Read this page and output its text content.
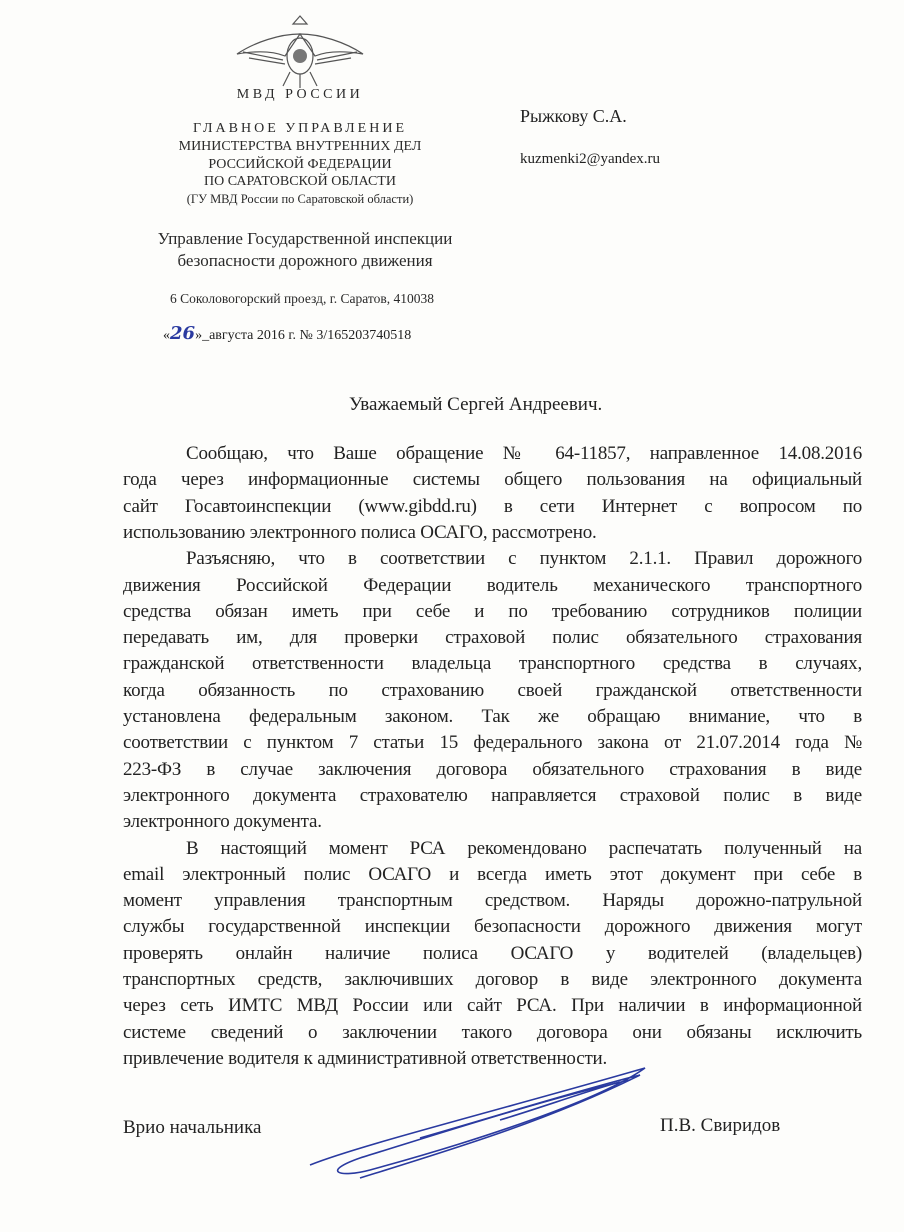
МВД РОССИИ
ГЛАВНОЕ УПРАВЛЕНИЕ
МИНИСТЕРСТВА ВНУТРЕННИХ ДЕЛ
РОССИЙСКОЙ ФЕДЕРАЦИИ
ПО САРАТОВСКОЙ ОБЛАСТИ
(ГУ МВД России по Саратовской области)
Управление Государственной инспекции
безопасности дорожного движения
6 Соколовогорский проезд, г. Саратов, 410038
«26»_августа 2016 г. № 3/165203740518
Рыжкову С.А.
kuzmenki2@yandex.ru
Уважаемый Сергей Андреевич.
Сообщаю, что Ваше обращение № 64-11857, направленное 14.08.2016
года через информационные системы общего пользования на официальный
сайт Госавтоинспекции (www.gibdd.ru) в сети Интернет с вопросом по
использованию электронного полиса ОСАГО, рассмотрено.
Разъясняю, что в соответствии с пунктом 2.1.1. Правил дорожного
движения Российской Федерации водитель механического транспортного
средства обязан иметь при себе и по требованию сотрудников полиции
передавать им, для проверки страховой полис обязательного страхования
гражданской ответственности владельца транспортного средства в случаях,
когда обязанность по страхованию своей гражданской ответственности
установлена федеральным законом. Так же обращаю внимание, что в
соответствии с пунктом 7 статьи 15 федерального закона от 21.07.2014 года №
223-ФЗ в случае заключения договора обязательного страхования в виде
электронного документа страхователю направляется страховой полис в виде
электронного документа.
В настоящий момент РСА рекомендовано распечатать полученный на
email электронный полис ОСАГО и всегда иметь этот документ при себе в
момент управления транспортным средством. Наряды дорожно-патрульной
службы государственной инспекции безопасности дорожного движения могут
проверять онлайн наличие полиса ОСАГО у водителей (владельцев)
транспортных средств, заключивших договор в виде электронного документа
через сеть ИМТС МВД России или сайт РСА. При наличии в информационной
системе сведений о заключении такого договора они обязаны исключить
привлечение водителя к административной ответственности.
Врио начальника	П.В. Свиридов
